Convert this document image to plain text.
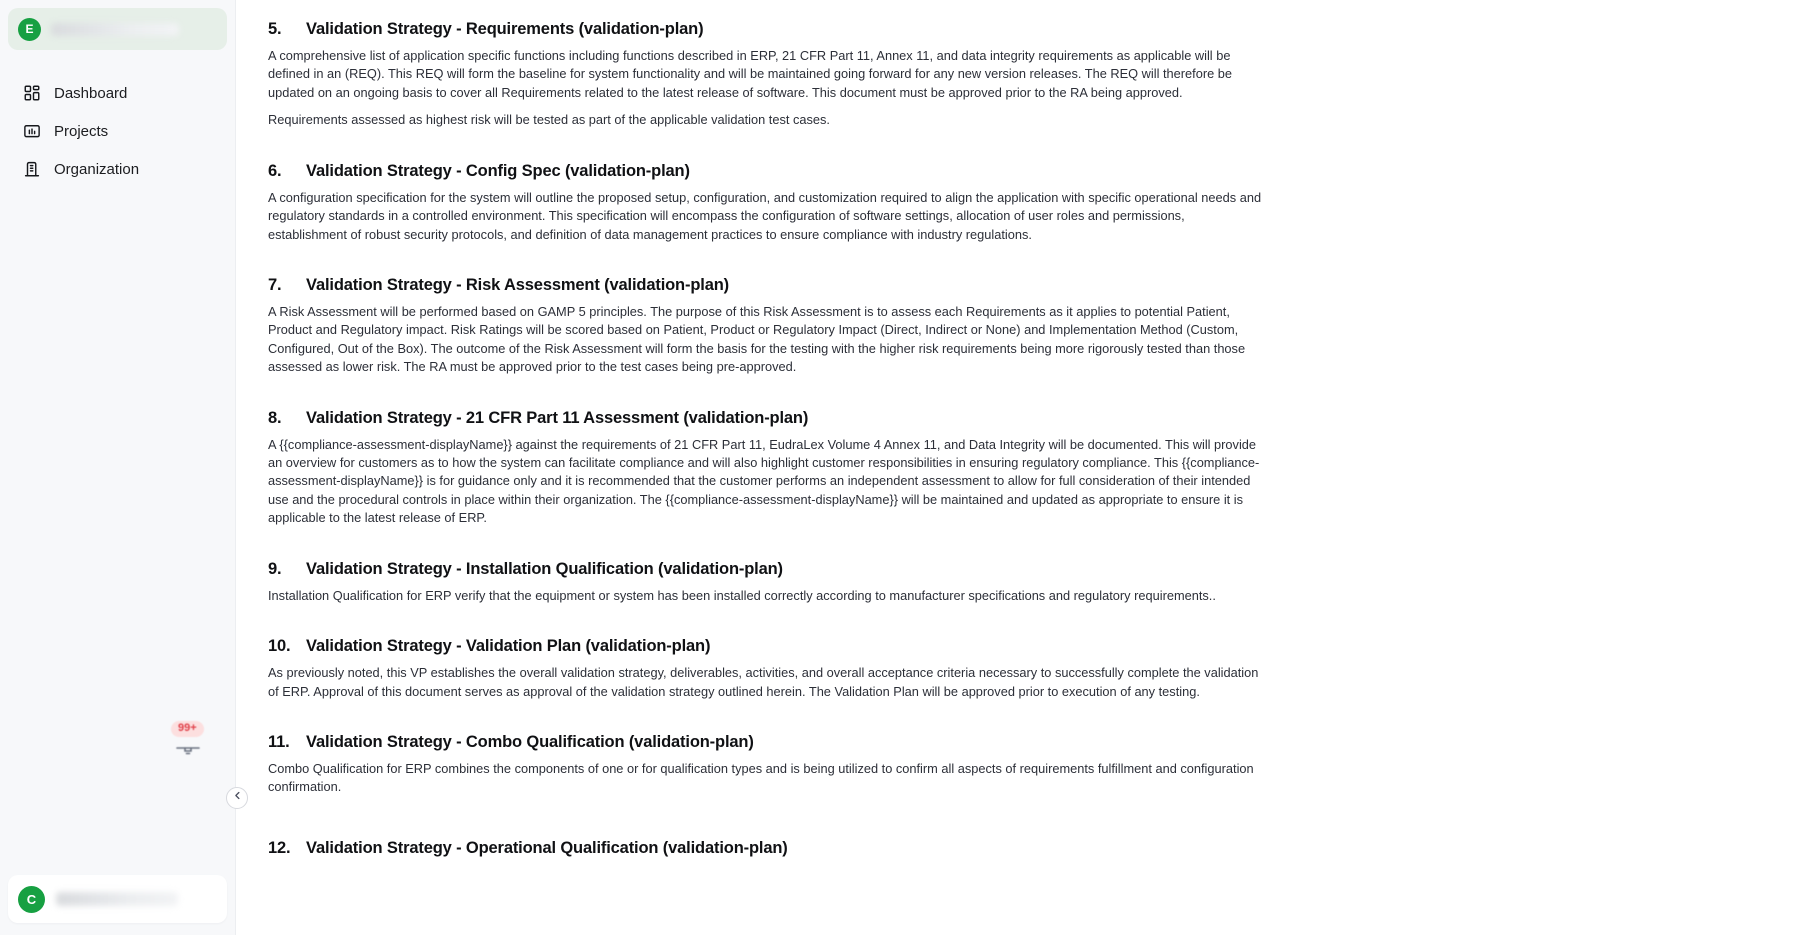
E

Dashboard
Projects
Organization
99+
C

5.	Validation Strategy - Requirements (validation-plan)

A comprehensive list of application specific functions including functions described in ERP, 21 CFR Part 11, Annex 11, and data integrity requirements as applicable will be defined in an (REQ). This REQ will form the baseline for system functionality and will be maintained going forward for any new version releases. The REQ will therefore be updated on an ongoing basis to cover all Requirements related to the latest release of software. This document must be approved prior to the RA being approved.

Requirements assessed as highest risk will be tested as part of the applicable validation test cases.

6.	Validation Strategy - Config Spec (validation-plan)

A configuration specification for the system will outline the proposed setup, configuration, and customization required to align the application with specific operational needs and regulatory standards in a controlled environment. This specification will encompass the configuration of software settings, allocation of user roles and permissions, establishment of robust security protocols, and definition of data management practices to ensure compliance with industry regulations.

7.	Validation Strategy - Risk Assessment (validation-plan)

A Risk Assessment will be performed based on GAMP 5 principles. The purpose of this Risk Assessment is to assess each Requirements as it applies to potential Patient, Product and Regulatory impact. Risk Ratings will be scored based on Patient, Product or Regulatory Impact (Direct, Indirect or None) and Implementation Method (Custom, Configured, Out of the Box). The outcome of the Risk Assessment will form the basis for the testing with the higher risk requirements being more rigorously tested than those assessed as lower risk. The RA must be approved prior to the test cases being pre-approved.

8.	Validation Strategy - 21 CFR Part 11 Assessment (validation-plan)

A {{compliance-assessment-displayName}} against the requirements of 21 CFR Part 11, EudraLex Volume 4 Annex 11, and Data Integrity will be documented. This will provide an overview for customers as to how the system can facilitate compliance and will also highlight customer responsibilities in ensuring regulatory compliance. This {{compliance-assessment-displayName}} is for guidance only and it is recommended that the customer performs an independent assessment to allow for full consideration of their intended use and the procedural controls in place within their organization. The {{compliance-assessment-displayName}} will be maintained and updated as appropriate to ensure it is applicable to the latest release of ERP.

9.	Validation Strategy - Installation Qualification (validation-plan)

Installation Qualification for ERP verify that the equipment or system has been installed correctly according to manufacturer specifications and regulatory requirements..

10. Validation Strategy - Validation Plan (validation-plan)

As previously noted, this VP establishes the overall validation strategy, deliverables, activities, and overall acceptance criteria necessary to successfully complete the validation of ERP. Approval of this document serves as approval of the validation strategy outlined herein. The Validation Plan will be approved prior to execution of any testing.

11. Validation Strategy - Combo Qualification (validation-plan)

Combo Qualification for ERP combines the components of one or for qualification types and is being utilized to confirm all aspects of requirements fulfillment and configuration confirmation.

12. Validation Strategy - Operational Qualification (validation-plan)
